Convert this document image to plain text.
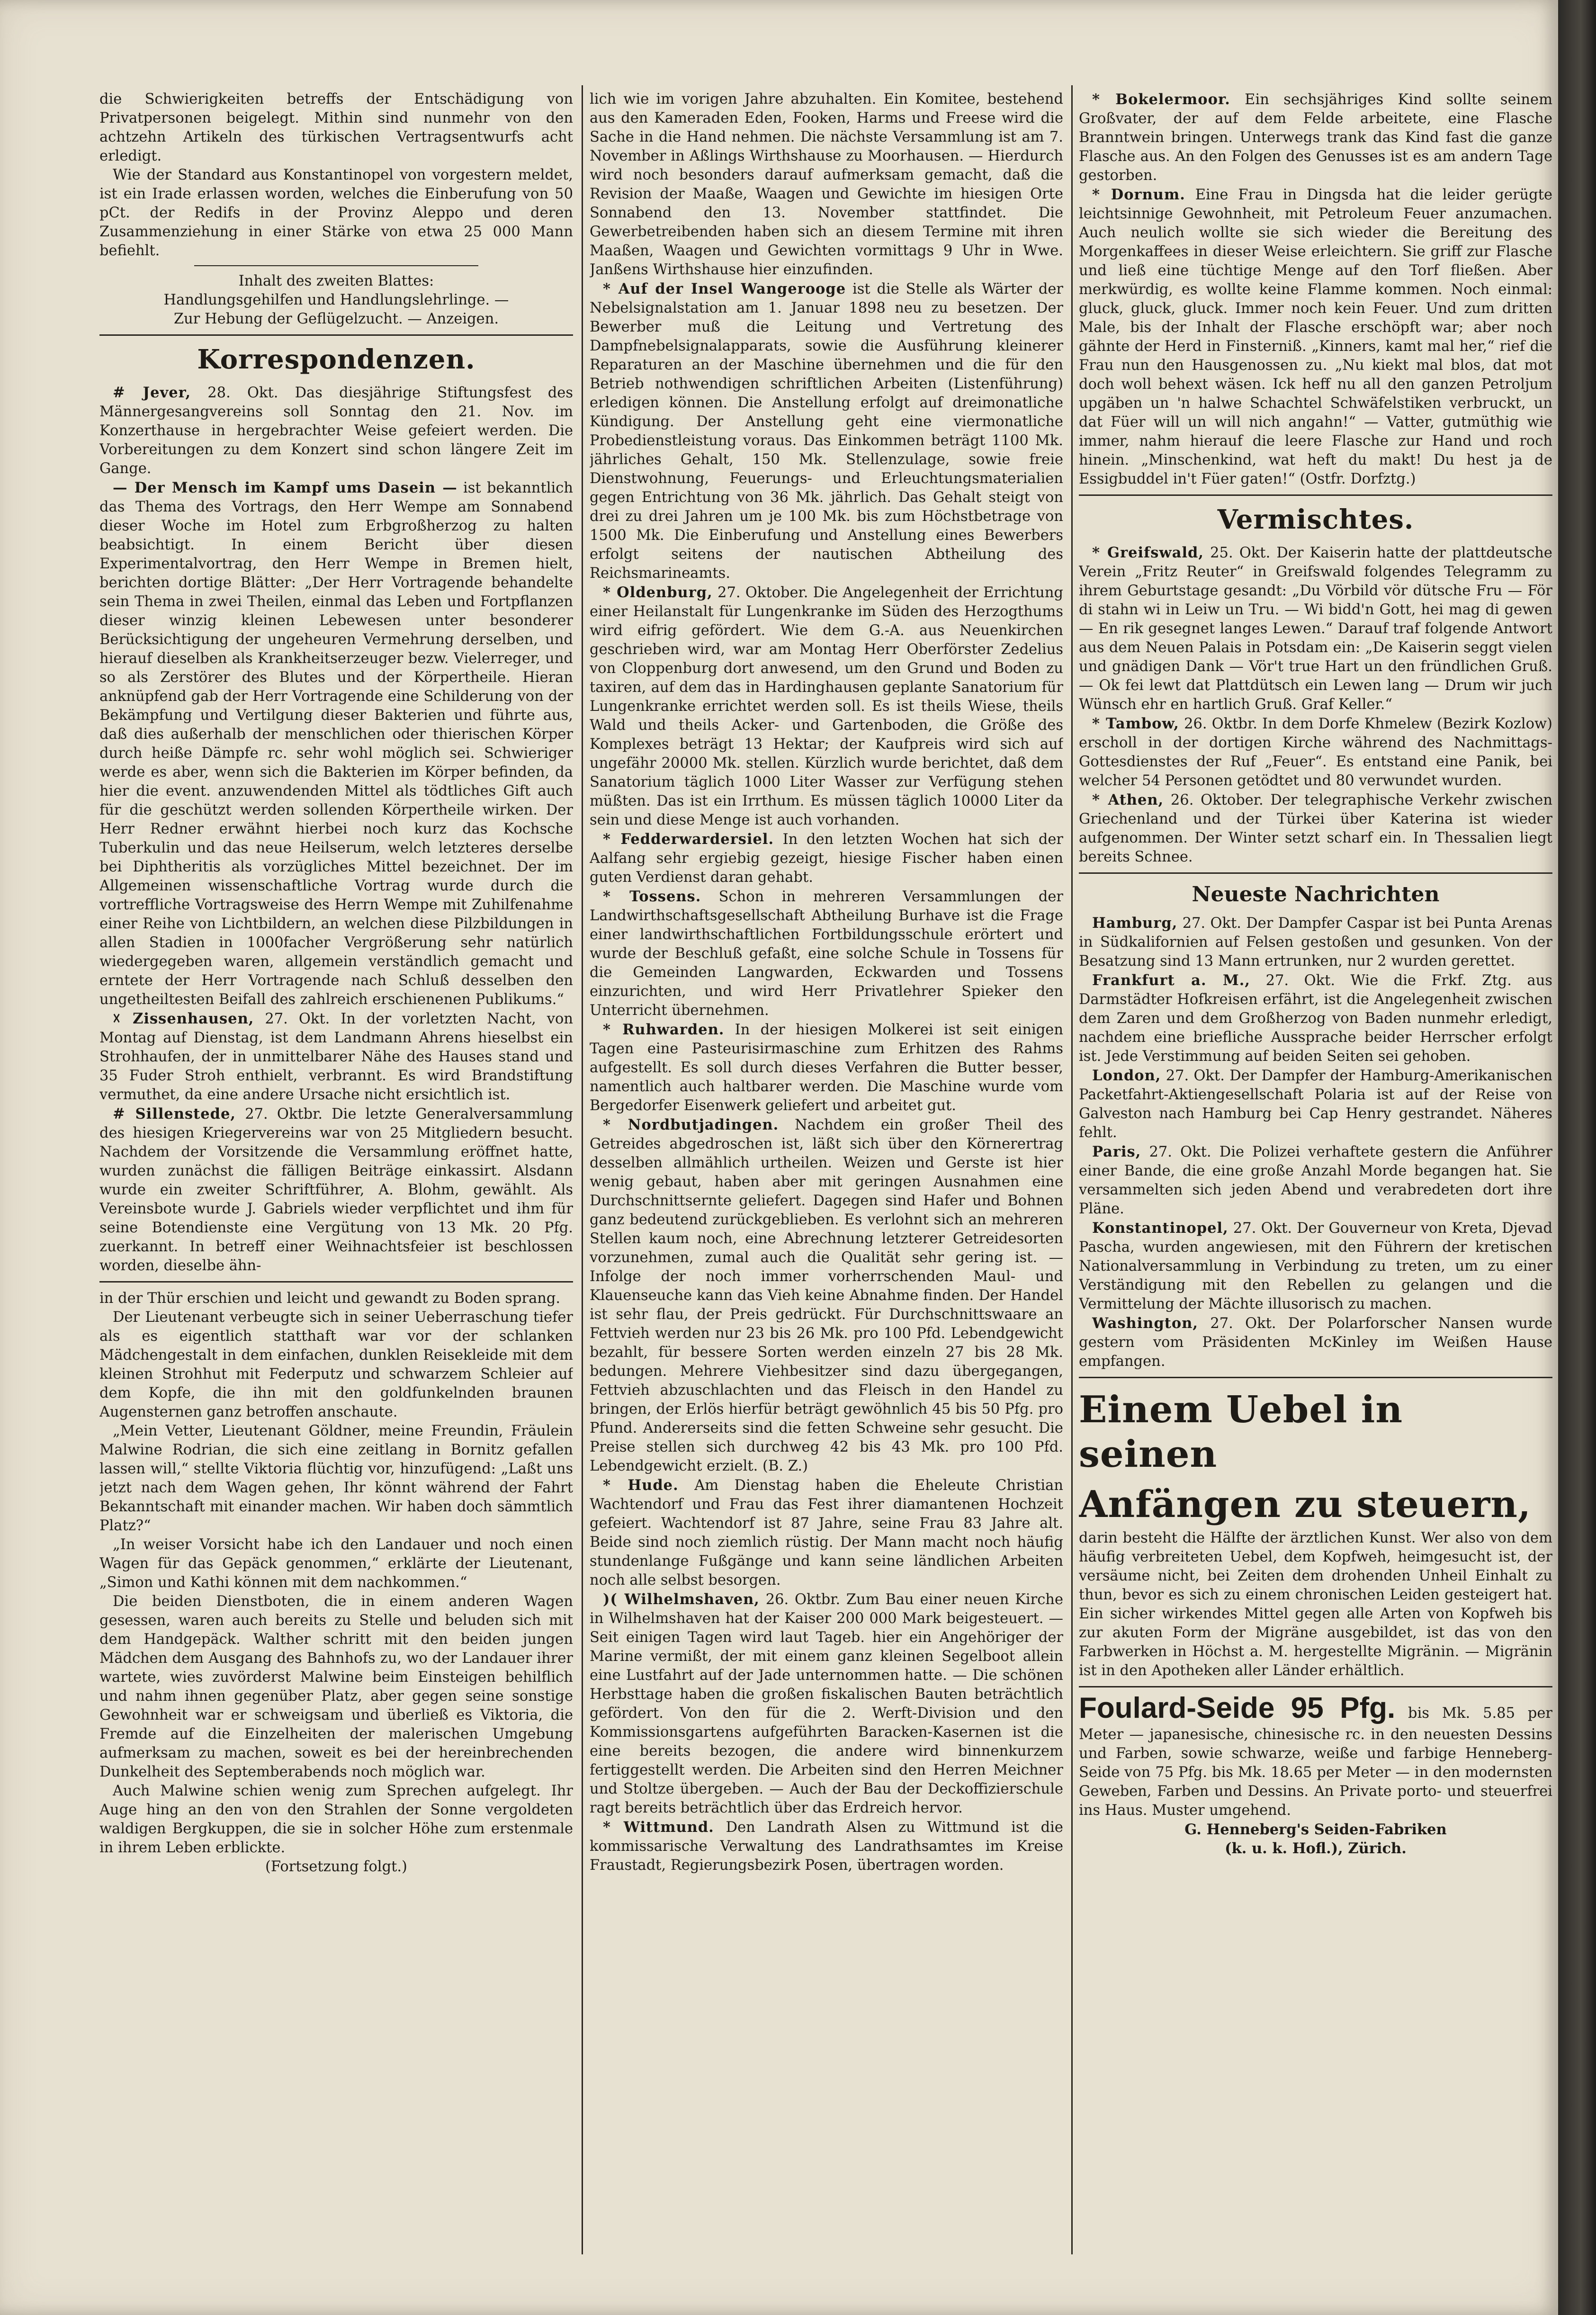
die Schwierigkeiten betreffs der Entschädigung von Privatpersonen beigelegt. Mithin sind nunmehr von den achtzehn Artikeln des türkischen Vertragsentwurfs acht erledigt.

Wie der Standard aus Konstantinopel von vorgestern meldet, ist ein Irade erlassen worden, welches die Einberufung von 50 pCt. der Redifs in der Provinz Aleppo und deren Zusammenziehung in einer Stärke von etwa 25 000 Mann befiehlt.

Inhalt des zweiten Blattes:

Handlungsgehilfen und Handlungslehrlinge. —

Zur Hebung der Geflügelzucht. — Anzeigen.

Korrespondenzen.

# Jever, 28. Okt. Das diesjährige Stiftungsfest des Männergesangvereins soll Sonntag den 21. Nov. im Konzerthause in hergebrachter Weise gefeiert werden. Die Vorbereitungen zu dem Konzert sind schon längere Zeit im Gange.

— Der Mensch im Kampf ums Dasein — ist bekanntlich das Thema des Vortrags, den Herr Wempe am Sonnabend dieser Woche im Hotel zum Erbgroßherzog zu halten beabsichtigt. In einem Bericht über diesen Experimentalvortrag, den Herr Wempe in Bremen hielt, berichten dortige Blätter: „Der Herr Vortragende behandelte sein Thema in zwei Theilen, einmal das Leben und Fortpflanzen dieser winzig kleinen Lebewesen unter besonderer Berücksichtigung der ungeheuren Vermehrung derselben, und hierauf dieselben als Krankheitserzeuger bezw. Vielerreger, und so als Zerstörer des Blutes und der Körpertheile. Hieran anknüpfend gab der Herr Vortragende eine Schilderung von der Bekämpfung und Vertilgung dieser Bakterien und führte aus, daß dies außerhalb der menschlichen oder thierischen Körper durch heiße Dämpfe rc. sehr wohl möglich sei. Schwieriger werde es aber, wenn sich die Bakterien im Körper befinden, da hier die event. anzuwendenden Mittel als tödtliches Gift auch für die geschützt werden sollenden Körpertheile wirken. Der Herr Redner erwähnt hierbei noch kurz das Kochsche Tuberkulin und das neue Heilserum, welch letzteres derselbe bei Diphtheritis als vorzügliches Mittel bezeichnet. Der im Allgemeinen wissenschaftliche Vortrag wurde durch die vortreffliche Vortragsweise des Herrn Wempe mit Zuhilfenahme einer Reihe von Lichtbildern, an welchen diese Pilzbildungen in allen Stadien in 1000facher Vergrößerung sehr natürlich wiedergegeben waren, allgemein verständlich gemacht und erntete der Herr Vortragende nach Schluß desselben den ungetheiltesten Beifall des zahlreich erschienenen Publikums.“

☓ Zissenhausen, 27. Okt. In der vorletzten Nacht, von Montag auf Dienstag, ist dem Landmann Ahrens hieselbst ein Strohhaufen, der in unmittelbarer Nähe des Hauses stand und 35 Fuder Stroh enthielt, verbrannt. Es wird Brandstiftung vermuthet, da eine andere Ursache nicht ersichtlich ist.

# Sillenstede, 27. Oktbr. Die letzte Generalversammlung des hiesigen Kriegervereins war von 25 Mitgliedern besucht. Nachdem der Vorsitzende die Versammlung eröffnet hatte, wurden zunächst die fälligen Beiträge einkassirt. Alsdann wurde ein zweiter Schriftführer, A. Blohm, gewählt. Als Vereinsbote wurde J. Gabriels wieder verpflichtet und ihm für seine Botendienste eine Vergütung von 13 Mk. 20 Pfg. zuerkannt. In betreff einer Weihnachtsfeier ist beschlossen worden, dieselbe ähn-

in der Thür erschien und leicht und gewandt zu Boden sprang.

Der Lieutenant verbeugte sich in seiner Ueberraschung tiefer als es eigentlich statthaft war vor der schlanken Mädchengestalt in dem einfachen, dunklen Reisekleide mit dem kleinen Strohhut mit Federputz und schwarzem Schleier auf dem Kopfe, die ihn mit den goldfunkelnden braunen Augensternen ganz betroffen anschaute.

„Mein Vetter, Lieutenant Göldner, meine Freundin, Fräulein Malwine Rodrian, die sich eine zeitlang in Bornitz gefallen lassen will,“ stellte Viktoria flüchtig vor, hinzufügend: „Laßt uns jetzt nach dem Wagen gehen, Ihr könnt während der Fahrt Bekanntschaft mit einander machen. Wir haben doch sämmtlich Platz?“

„In weiser Vorsicht habe ich den Landauer und noch einen Wagen für das Gepäck genommen,“ erklärte der Lieutenant, „Simon und Kathi können mit dem nachkommen.“

Die beiden Dienstboten, die in einem anderen Wagen gesessen, waren auch bereits zu Stelle und beluden sich mit dem Handgepäck. Walther schritt mit den beiden jungen Mädchen dem Ausgang des Bahnhofs zu, wo der Landauer ihrer wartete, wies zuvörderst Malwine beim Einsteigen behilflich und nahm ihnen gegenüber Platz, aber gegen seine sonstige Gewohnheit war er schweigsam und überließ es Viktoria, die Fremde auf die Einzelheiten der malerischen Umgebung aufmerksam zu machen, soweit es bei der hereinbrechenden Dunkelheit des Septemberabends noch möglich war.

Auch Malwine schien wenig zum Sprechen aufgelegt. Ihr Auge hing an den von den Strahlen der Sonne vergoldeten waldigen Bergkuppen, die sie in solcher Höhe zum erstenmale in ihrem Leben erblickte.

(Fortsetzung folgt.)

lich wie im vorigen Jahre abzuhalten. Ein Komitee, bestehend aus den Kameraden Eden, Fooken, Harms und Freese wird die Sache in die Hand nehmen. Die nächste Versammlung ist am 7. November in Aßlings Wirthshause zu Moorhausen. — Hierdurch wird noch besonders darauf aufmerksam gemacht, daß die Revision der Maaße, Waagen und Gewichte im hiesigen Orte Sonnabend den 13. November stattfindet. Die Gewerbetreibenden haben sich an diesem Termine mit ihren Maaßen, Waagen und Gewichten vormittags 9 Uhr in Wwe. Janßens Wirthshause hier einzufinden.

* Auf der Insel Wangerooge ist die Stelle als Wärter der Nebelsignalstation am 1. Januar 1898 neu zu besetzen. Der Bewerber muß die Leitung und Vertretung des Dampfnebelsignalapparats, sowie die Ausführung kleinerer Reparaturen an der Maschine übernehmen und die für den Betrieb nothwendigen schriftlichen Arbeiten (Listenführung) erledigen können. Die Anstellung erfolgt auf dreimonatliche Kündigung. Der Anstellung geht eine viermonatliche Probedienstleistung voraus. Das Einkommen beträgt 1100 Mk. jährliches Gehalt, 150 Mk. Stellenzulage, sowie freie Dienstwohnung, Feuerungs- und Erleuchtungsmaterialien gegen Entrichtung von 36 Mk. jährlich. Das Gehalt steigt von drei zu drei Jahren um je 100 Mk. bis zum Höchstbetrage von 1500 Mk. Die Einberufung und Anstellung eines Bewerbers erfolgt seitens der nautischen Abtheilung des Reichsmarineamts.

* Oldenburg, 27. Oktober. Die Angelegenheit der Errichtung einer Heilanstalt für Lungenkranke im Süden des Herzogthums wird eifrig gefördert. Wie dem G.-A. aus Neuenkirchen geschrieben wird, war am Montag Herr Oberförster Zedelius von Cloppenburg dort anwesend, um den Grund und Boden zu taxiren, auf dem das in Hardinghausen geplante Sanatorium für Lungenkranke errichtet werden soll. Es ist theils Wiese, theils Wald und theils Acker- und Gartenboden, die Größe des Komplexes beträgt 13 Hektar; der Kaufpreis wird sich auf ungefähr 20000 Mk. stellen. Kürzlich wurde berichtet, daß dem Sanatorium täglich 1000 Liter Wasser zur Verfügung stehen müßten. Das ist ein Irrthum. Es müssen täglich 10000 Liter da sein und diese Menge ist auch vorhanden.

* Fedderwardersiel. In den letzten Wochen hat sich der Aalfang sehr ergiebig gezeigt, hiesige Fischer haben einen guten Verdienst daran gehabt.

* Tossens. Schon in mehreren Versammlungen der Landwirthschaftsgesellschaft Abtheilung Burhave ist die Frage einer landwirthschaftlichen Fortbildungsschule erörtert und wurde der Beschluß gefaßt, eine solche Schule in Tossens für die Gemeinden Langwarden, Eckwarden und Tossens einzurichten, und wird Herr Privatlehrer Spieker den Unterricht übernehmen.

* Ruhwarden. In der hiesigen Molkerei ist seit einigen Tagen eine Pasteurisirmaschine zum Erhitzen des Rahms aufgestellt. Es soll durch dieses Verfahren die Butter besser, namentlich auch haltbarer werden. Die Maschine wurde vom Bergedorfer Eisenwerk geliefert und arbeitet gut.

* Nordbutjadingen. Nachdem ein großer Theil des Getreides abgedroschen ist, läßt sich über den Körnerertrag desselben allmählich urtheilen. Weizen und Gerste ist hier wenig gebaut, haben aber mit geringen Ausnahmen eine Durchschnittsernte geliefert. Dagegen sind Hafer und Bohnen ganz bedeutend zurückgeblieben. Es verlohnt sich an mehreren Stellen kaum noch, eine Abrechnung letzterer Getreidesorten vorzunehmen, zumal auch die Qualität sehr gering ist. — Infolge der noch immer vorherrschenden Maul- und Klauenseuche kann das Vieh keine Abnahme finden. Der Handel ist sehr flau, der Preis gedrückt. Für Durchschnittswaare an Fettvieh werden nur 23 bis 26 Mk. pro 100 Pfd. Lebendgewicht bezahlt, für bessere Sorten werden einzeln 27 bis 28 Mk. bedungen. Mehrere Viehbesitzer sind dazu übergegangen, Fettvieh abzuschlachten und das Fleisch in den Handel zu bringen, der Erlös hierfür beträgt gewöhnlich 45 bis 50 Pfg. pro Pfund. Andererseits sind die fetten Schweine sehr gesucht. Die Preise stellen sich durchweg 42 bis 43 Mk. pro 100 Pfd. Lebendgewicht erzielt. (B. Z.)

* Hude. Am Dienstag haben die Eheleute Christian Wachtendorf und Frau das Fest ihrer diamantenen Hochzeit gefeiert. Wachtendorf ist 87 Jahre, seine Frau 83 Jahre alt. Beide sind noch ziemlich rüstig. Der Mann macht noch häufig stundenlange Fußgänge und kann seine ländlichen Arbeiten noch alle selbst besorgen.

)( Wilhelmshaven, 26. Oktbr. Zum Bau einer neuen Kirche in Wilhelmshaven hat der Kaiser 200 000 Mark beigesteuert. — Seit einigen Tagen wird laut Tageb. hier ein Angehöriger der Marine vermißt, der mit einem ganz kleinen Segelboot allein eine Lustfahrt auf der Jade unternommen hatte. — Die schönen Herbsttage haben die großen fiskalischen Bauten beträchtlich gefördert. Von den für die 2. Werft-Division und den Kommissionsgartens aufgeführten Baracken-Kasernen ist die eine bereits bezogen, die andere wird binnenkurzem fertiggestellt werden. Die Arbeiten sind den Herren Meichner und Stoltze übergeben. — Auch der Bau der Deckoffizierschule ragt bereits beträchtlich über das Erdreich hervor.

* Wittmund. Den Landrath Alsen zu Wittmund ist die kommissarische Verwaltung des Landrathsamtes im Kreise Fraustadt, Regierungsbezirk Posen, übertragen worden.

* Bokelermoor. Ein sechsjähriges Kind sollte seinem Großvater, der auf dem Felde arbeitete, eine Flasche Branntwein bringen. Unterwegs trank das Kind fast die ganze Flasche aus. An den Folgen des Genusses ist es am andern Tage gestorben.

* Dornum. Eine Frau in Dingsda hat die leider gerügte leichtsinnige Gewohnheit, mit Petroleum Feuer anzumachen. Auch neulich wollte sie sich wieder die Bereitung des Morgenkaffees in dieser Weise erleichtern. Sie griff zur Flasche und ließ eine tüchtige Menge auf den Torf fließen. Aber merkwürdig, es wollte keine Flamme kommen. Noch einmal: gluck, gluck, gluck. Immer noch kein Feuer. Und zum dritten Male, bis der Inhalt der Flasche erschöpft war; aber noch gähnte der Herd in Finsterniß. „Kinners, kamt mal her,“ rief die Frau nun den Hausgenossen zu. „Nu kiekt mal blos, dat mot doch woll behext wäsen. Ick heff nu all den ganzen Petroljum upgäben un 'n halwe Schachtel Schwäfelstiken verbruckt, un dat Füer will un will nich angahn!“ — Vatter, gutmüthig wie immer, nahm hierauf die leere Flasche zur Hand und roch hinein. „Minschenkind, wat heft du makt! Du hest ja de Essigbuddel in't Füer gaten!“ (Ostfr. Dorfztg.)

Vermischtes.

* Greifswald, 25. Okt. Der Kaiserin hatte der plattdeutsche Verein „Fritz Reuter“ in Greifswald folgendes Telegramm zu ihrem Geburtstage gesandt: „Du Vörbild vör dütsche Fru — För di stahn wi in Leiw un Tru. — Wi bidd'n Gott, hei mag di gewen — En rik gesegnet langes Lewen.“ Darauf traf folgende Antwort aus dem Neuen Palais in Potsdam ein: „De Kaiserin seggt vielen und gnädigen Dank — Vör't true Hart un den fründlichen Gruß. — Ok fei lewt dat Plattdütsch ein Lewen lang — Drum wir juch Wünsch ehr en hartlich Gruß. Graf Keller.“

* Tambow, 26. Oktbr. In dem Dorfe Khmelew (Bezirk Kozlow) erscholl in der dortigen Kirche während des Nachmittags-Gottesdienstes der Ruf „Feuer“. Es entstand eine Panik, bei welcher 54 Personen getödtet und 80 verwundet wurden.

* Athen, 26. Oktober. Der telegraphische Verkehr zwischen Griechenland und der Türkei über Katerina ist wieder aufgenommen. Der Winter setzt scharf ein. In Thessalien liegt bereits Schnee.

Neueste Nachrichten

Hamburg, 27. Okt. Der Dampfer Caspar ist bei Punta Arenas in Südkalifornien auf Felsen gestoßen und gesunken. Von der Besatzung sind 13 Mann ertrunken, nur 2 wurden gerettet.

Frankfurt a. M., 27. Okt. Wie die Frkf. Ztg. aus Darmstädter Hofkreisen erfährt, ist die Angelegenheit zwischen dem Zaren und dem Großherzog von Baden nunmehr erledigt, nachdem eine briefliche Aussprache beider Herrscher erfolgt ist. Jede Verstimmung auf beiden Seiten sei gehoben.

London, 27. Okt. Der Dampfer der Hamburg-Amerikanischen Packetfahrt-Aktiengesellschaft Polaria ist auf der Reise von Galveston nach Hamburg bei Cap Henry gestrandet. Näheres fehlt.

Paris, 27. Okt. Die Polizei verhaftete gestern die Anführer einer Bande, die eine große Anzahl Morde begangen hat. Sie versammelten sich jeden Abend und verabredeten dort ihre Pläne.

Konstantinopel, 27. Okt. Der Gouverneur von Kreta, Djevad Pascha, wurden angewiesen, mit den Führern der kretischen Nationalversammlung in Verbindung zu treten, um zu einer Verständigung mit den Rebellen zu gelangen und die Vermittelung der Mächte illusorisch zu machen.

Washington, 27. Okt. Der Polarforscher Nansen wurde gestern vom Präsidenten McKinley im Weißen Hause empfangen.

Einem Uebel in seinen
Anfängen zu steuern,

darin besteht die Hälfte der ärztlichen Kunst. Wer also von dem häufig verbreiteten Uebel, dem Kopfweh, heimgesucht ist, der versäume nicht, bei Zeiten dem drohenden Unheil Einhalt zu thun, bevor es sich zu einem chronischen Leiden gesteigert hat. Ein sicher wirkendes Mittel gegen alle Arten von Kopfweh bis zur akuten Form der Migräne ausgebildet, ist das von den Farbwerken in Höchst a. M. hergestellte Migränin. — Migränin ist in den Apotheken aller Länder erhältlich.

Foulard-Seide 95 Pfg. bis Mk. 5.85 per Meter — japanesische, chinesische rc. in den neuesten Dessins und Farben, sowie schwarze, weiße und farbige Henneberg-Seide von 75 Pfg. bis Mk. 18.65 per Meter — in den modernsten Geweben, Farben und Dessins. An Private porto- und steuerfrei ins Haus. Muster umgehend.

G. Henneberg's Seiden-Fabriken

(k. u. k. Hofl.), Zürich.
